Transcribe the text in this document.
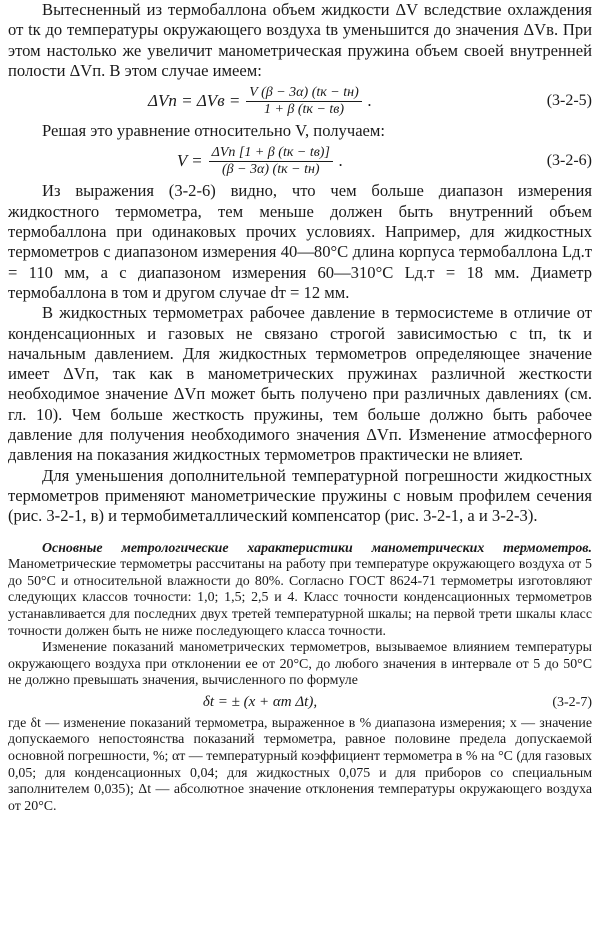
Вытесненный из термобаллона объем жидкости ΔV вследствие охлаждения от tк до температуры окружающего воздуха tв уменьшится до значения ΔVв. При этом настолько же увеличит манометрическая пружина объем своей внутренней полости ΔVп. В этом случае имеем:

$\Delta Vп = \Delta Vв = \frac{V (\beta - 3\alpha) (tк - tн)}{1 + \beta (tк - tв)}$ .	(3-2-5)

Решая это уравнение относительно V, получаем:

$V = \frac{\text{ΔVп [1 + β (tк − tв)]}}{(\beta - 3\alpha) (tк - tн)}$ .	(3-2-6)

Из выражения (3-2-6) видно, что чем больше диапазон измерения жидкостного термометра, тем меньше должен быть внутренний объем термобаллона при одинаковых прочих условиях. Например, для жидкостных термометров с диапазоном измерения 40—80°С длина корпуса термобаллона Lд.т = 110 мм, а с диапазоном измерения 60—310°С Lд.т = 18 мм. Диаметр термобаллона в том и другом случае dт = 12 мм.

В жидкостных термометрах рабочее давление в термосистеме в отличие от конденсационных и газовых не связано строгой зависимостью с tп, tк и начальным давлением. Для жидкостных термометров определяющее значение имеет ΔVп, так как в манометрических пружинах различной жесткости необходимое значение ΔVп может быть получено при различных давлениях (см. гл. 10). Чем больше жесткость пружины, тем больше должно быть рабочее давление для получения необходимого значения ΔVп. Изменение атмосферного давления на показания жидкостных термометров практически не влияет.

Для уменьшения дополнительной температурной погрешности жидкостных термометров применяют манометрические пружины с новым профилем сечения (рис. 3-2-1, в) и термобиметаллический компенсатор (рис. 3-2-1, а и 3-2-3).

Основные метрологические характеристики манометрических термометров. Манометрические термометры рассчитаны на работу при температуре окружающего воздуха от 5 до 50°С и относительной влажности до 80%. Согласно ГОСТ 8624-71 термометры изготовляют следующих классов точности: 1,0; 1,5; 2,5 и 4. Класс точности конденсационных термометров устанавливается для последних двух третей температурной шкалы; на первой трети шкалы класс точности должен быть не ниже последующего класса точности.

Изменение показаний манометрических термометров, вызываемое влиянием температуры окружающего воздуха при отклонении ее от 20°С, до любого значения в интервале от 5 до 50°С не должно превышать значения, вычисленного по формуле

δt = ± (x + αт Δt),	(3-2-7)

где δt — изменение показаний термометра, выраженное в % диапазона измерения; x — значение допускаемого непостоянства показаний термометра, равное половине предела допускаемой основной погрешности, %; αт — температурный коэффициент термометра в % на °С (для газовых 0,05; для конденсационных 0,04; для жидкостных 0,075 и для приборов со специальным заполнителем 0,035); Δt — абсолютное значение отклонения температуры окружающего воздуха от 20°С.
